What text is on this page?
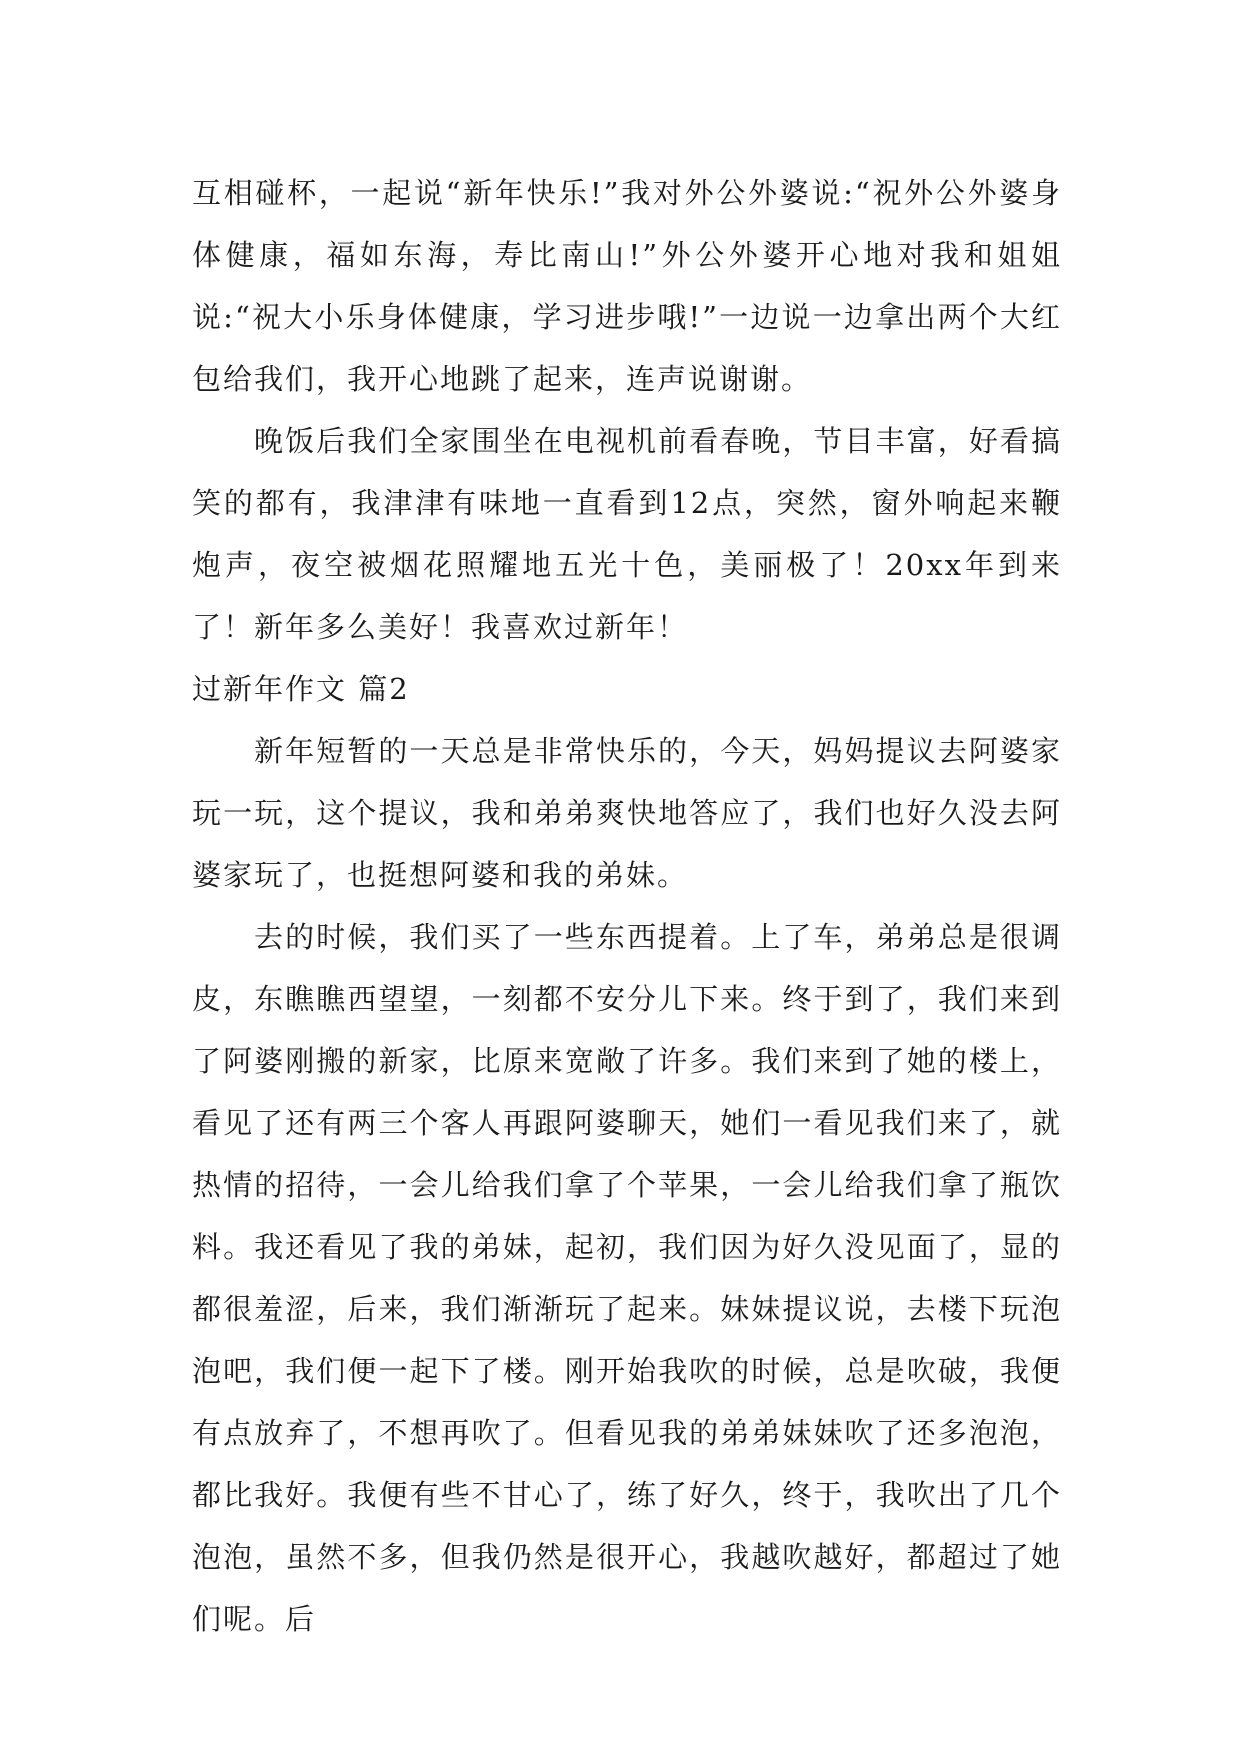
互相碰杯，一起说“新年快乐!”我对外公外婆说:“祝外公外婆身体健康，福如东海，寿比南山!”外公外婆开心地对我和姐姐说:“祝大小乐身体健康，学习进步哦!”一边说一边拿出两个大红包给我们，我开心地跳了起来，连声说谢谢。

晚饭后我们全家围坐在电视机前看春晚，节目丰富，好看搞笑的都有，我津津有味地一直看到12点，突然，窗外响起来鞭炮声，夜空被烟花照耀地五光十色，美丽极了！20xx年到来了！新年多么美好！我喜欢过新年！

过新年作文 篇2

新年短暂的一天总是非常快乐的，今天，妈妈提议去阿婆家玩一玩，这个提议，我和弟弟爽快地答应了，我们也好久没去阿婆家玩了，也挺想阿婆和我的弟妹。

去的时候，我们买了一些东西提着。上了车，弟弟总是很调皮，东瞧瞧西望望，一刻都不安分儿下来。终于到了，我们来到了阿婆刚搬的新家，比原来宽敞了许多。我们来到了她的楼上，看见了还有两三个客人再跟阿婆聊天，她们一看见我们来了，就热情的招待，一会儿给我们拿了个苹果，一会儿给我们拿了瓶饮料。我还看见了我的弟妹，起初，我们因为好久没见面了，显的都很羞涩，后来，我们渐渐玩了起来。妹妹提议说，去楼下玩泡泡吧，我们便一起下了楼。刚开始我吹的时候，总是吹破，我便有点放弃了，不想再吹了。但看见我的弟弟妹妹吹了还多泡泡，都比我好。我便有些不甘心了，练了好久，终于，我吹出了几个泡泡，虽然不多，但我仍然是很开心，我越吹越好，都超过了她们呢。后
